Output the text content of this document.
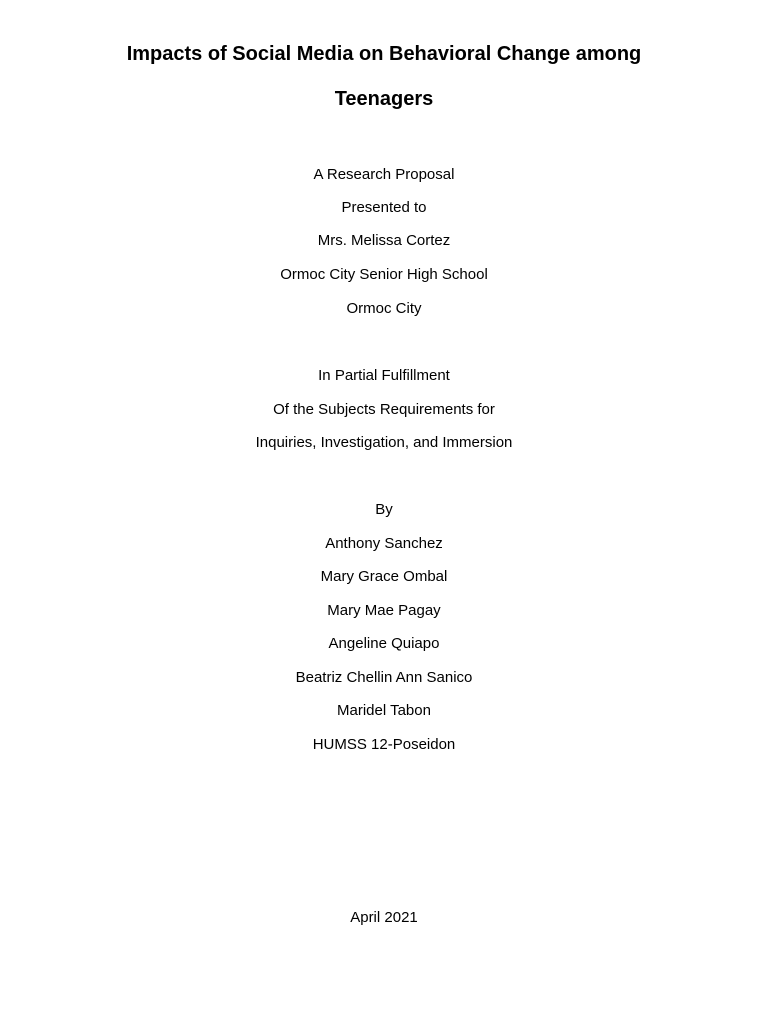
Impacts of Social Media on Behavioral Change among
Teenagers
A Research Proposal
Presented to
Mrs. Melissa Cortez
Ormoc City Senior High School
Ormoc City
In Partial Fulfillment
Of the Subjects Requirements for
Inquiries, Investigation, and Immersion
By
Anthony Sanchez
Mary Grace Ombal
Mary Mae Pagay
Angeline Quiapo
Beatriz Chellin Ann Sanico
Maridel Tabon
HUMSS 12-Poseidon
April 2021
